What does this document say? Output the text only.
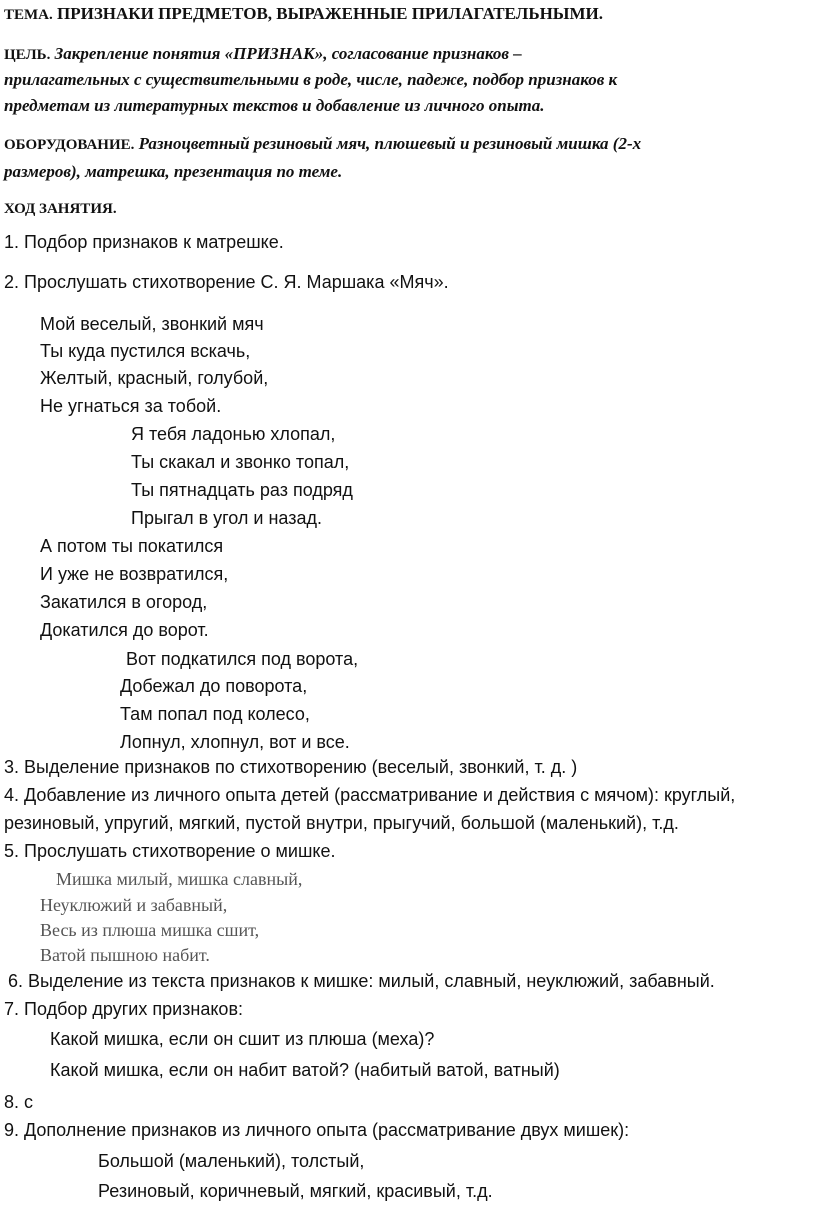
ТЕМА. ПРИЗНАКИ ПРЕДМЕТОВ, ВЫРАЖЕННЫЕ ПРИЛАГАТЕЛЬНЫМИ.

ЦЕЛЬ. Закрепление понятия «ПРИЗНАК», согласование признаков –

прилагательных с существительными в роде, числе, падеже, подбор признаков к

предметам из литературных текстов и добавление из личного опыта.

ОБОРУДОВАНИЕ. Разноцветный резиновый мяч, плюшевый и резиновый мишка (2-х

размеров), матрешка, презентация по теме.

ХОД ЗАНЯТИЯ.

1. Подбор признаков к матрешке.

2. Прослушать стихотворение С. Я. Маршака «Мяч».

Мой веселый, звонкий мяч

Ты куда пустился вскачь,

Желтый, красный, голубой,

Не угнаться за тобой.

Я тебя ладонью хлопал,

Ты скакал и звонко топал,

Ты пятнадцать раз подряд

Прыгал в угол и назад.

А потом ты покатился

И уже не возвратился,

Закатился в огород,

Докатился до ворот.

Вот подкатился под ворота,

Добежал до поворота,

Там попал под колесо,

Лопнул, хлопнул, вот и все.

3. Выделение признаков по стихотворению (веселый, звонкий, т. д. )

4. Добавление из личного опыта детей (рассматривание и действия с мячом): круглый,

резиновый, упругий, мягкий, пустой внутри, прыгучий, большой (маленький), т.д.

5. Прослушать стихотворение о мишке.

Мишка милый, мишка славный,

Неуклюжий и забавный,

Весь из плюша мишка сшит,

Ватой пышною набит.

6. Выделение из текста признаков к мишке: милый, славный, неуклюжий, забавный.

7. Подбор других признаков:

Какой мишка, если он сшит из плюша (меха)?

Какой мишка, если он набит ватой? (набитый ватой, ватный)

8. с

9. Дополнение признаков из личного опыта (рассматривание двух мишек):

Большой (маленький), толстый,

Резиновый, коричневый, мягкий, красивый, т.д.
